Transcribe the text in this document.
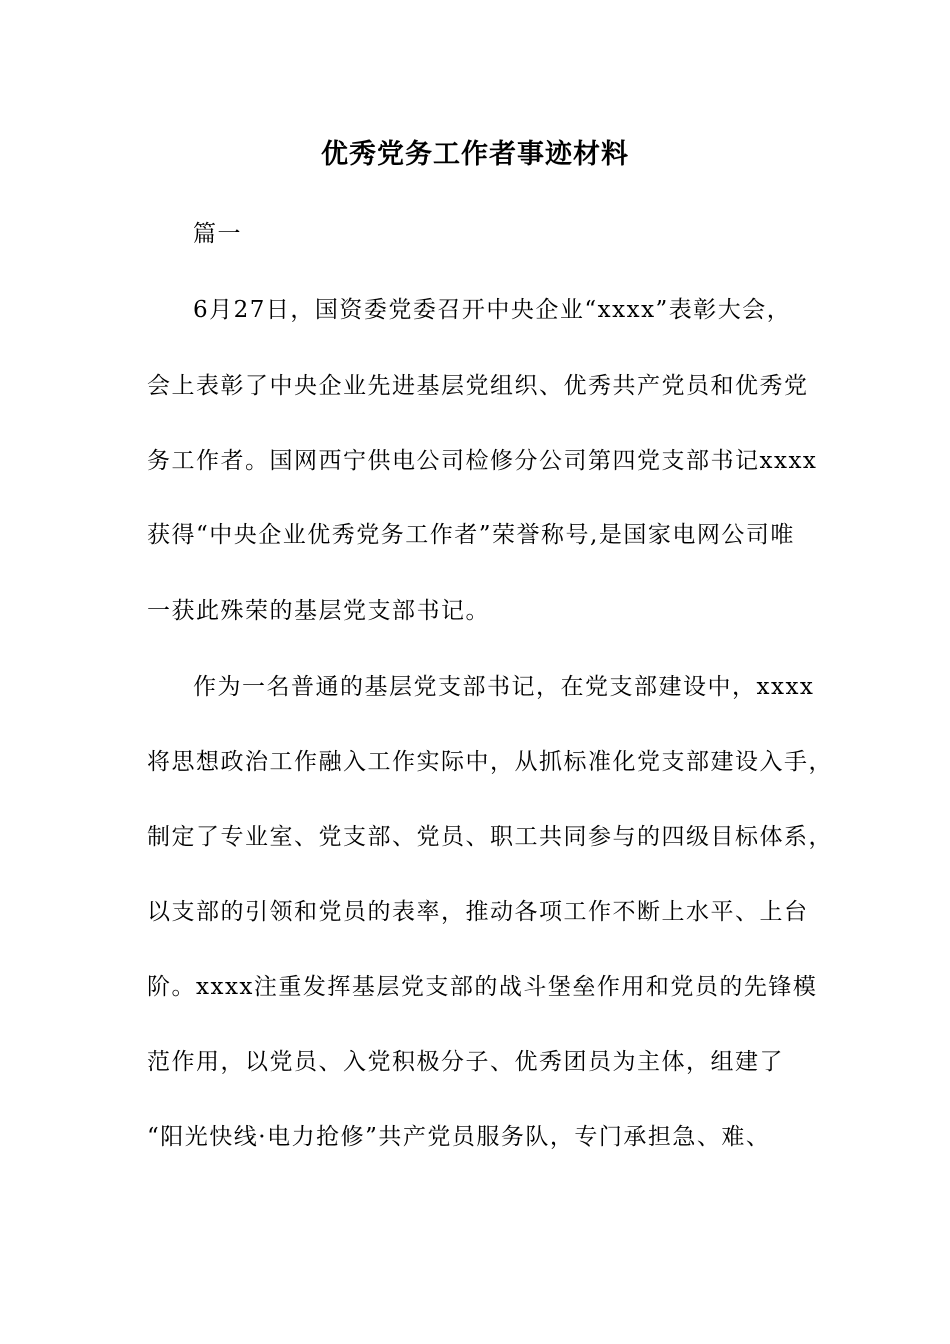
优秀党务工作者事迹材料
篇一
6月27日，国资委党委召开中央企业“xxxx”表彰大会，
会上表彰了中央企业先进基层党组织、优秀共产党员和优秀党
务工作者。国网西宁供电公司检修分公司第四党支部书记xxxx
获得“中央企业优秀党务工作者”荣誉称号,是国家电网公司唯
一获此殊荣的基层党支部书记。
作为一名普通的基层党支部书记，在党支部建设中，xxxx
将思想政治工作融入工作实际中，从抓标准化党支部建设入手，
制定了专业室、党支部、党员、职工共同参与的四级目标体系，
以支部的引领和党员的表率，推动各项工作不断上水平、上台
阶。xxxx注重发挥基层党支部的战斗堡垒作用和党员的先锋模
范作用，以党员、入党积极分子、优秀团员为主体，组建了
“阳光快线·电力抢修”共产党员服务队，专门承担急、难、
